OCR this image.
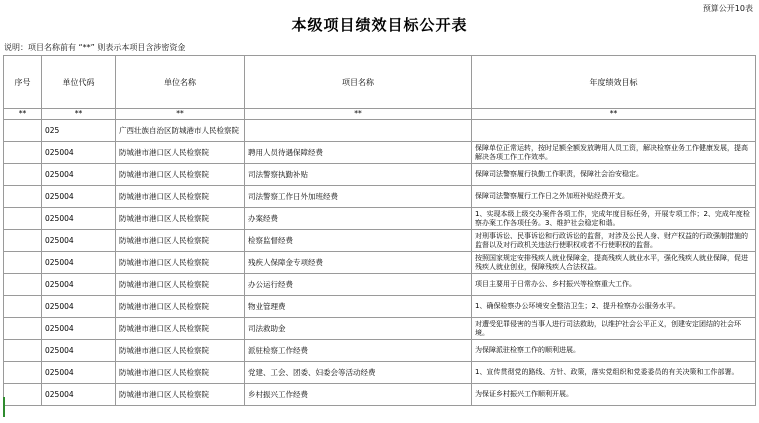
预算公开10表
本级项目绩效目标公开表
说明：项目名称前有 “**” 则表示本项目含涉密资金
序号	单位代码	单位名称	项目名称	年度绩效目标
**	**	**	**	**
	025	广西壮族自治区防城港市人民检察院		
	025004	防城港市港口区人民检察院	聘用人员待遇保障经费	保障单位正常运转，按时足额全额发放聘用人员工资，解决检察业务工作健康发展，提高解决各项工作工作效率。
	025004	防城港市港口区人民检察院	司法警察执勤补贴	保障司法警察履行执勤工作职责，保障社会治安稳定。
	025004	防城港市港口区人民检察院	司法警察工作日外加班经费	保障司法警察履行工作日之外加班补贴经费开支。
	025004	防城港市港口区人民检察院	办案经费	1、实现本级上级交办案件各项工作，完成年度目标任务，开展专项工作；2、完成年度检察办案工作各项任务。3、维护社会稳定和谐。
	025004	防城港市港口区人民检察院	检察监督经费	对刑事诉讼、民事诉讼和行政诉讼的监督，对涉及公民人身、财产权益的行政强制措施的监督以及对行政机关违法行使职权或者不行使职权的监督。
	025004	防城港市港口区人民检察院	残疾人保障金专项经费	按照国家规定安排残疾人就业保障金，提高残疾人就业水平，强化残疾人就业保障，促进残疾人就业创业，保障残疾人合法权益。
	025004	防城港市港口区人民检察院	办公运行经费	项目主要用于日常办公、乡村振兴等检察重大工作。
	025004	防城港市港口区人民检察院	物业管理费	1、确保检察办公环境安全整洁卫生；2、提升检察办公服务水平。
	025004	防城港市港口区人民检察院	司法救助金	对遭受犯罪侵害的当事人进行司法救助，以维护社会公平正义，创建安定团结的社会环境。
	025004	防城港市港口区人民检察院	派驻检察工作经费	为保障派驻检察工作的顺利进展。
	025004	防城港市港口区人民检察院	党建、工会、团委、妇委会等活动经费	1、宣传贯彻党的路线、方针、政策，落实党组织和党委委员的有关决策和工作部署。
	025004	防城港市港口区人民检察院	乡村振兴工作经费	为保证乡村振兴工作顺利开展。
